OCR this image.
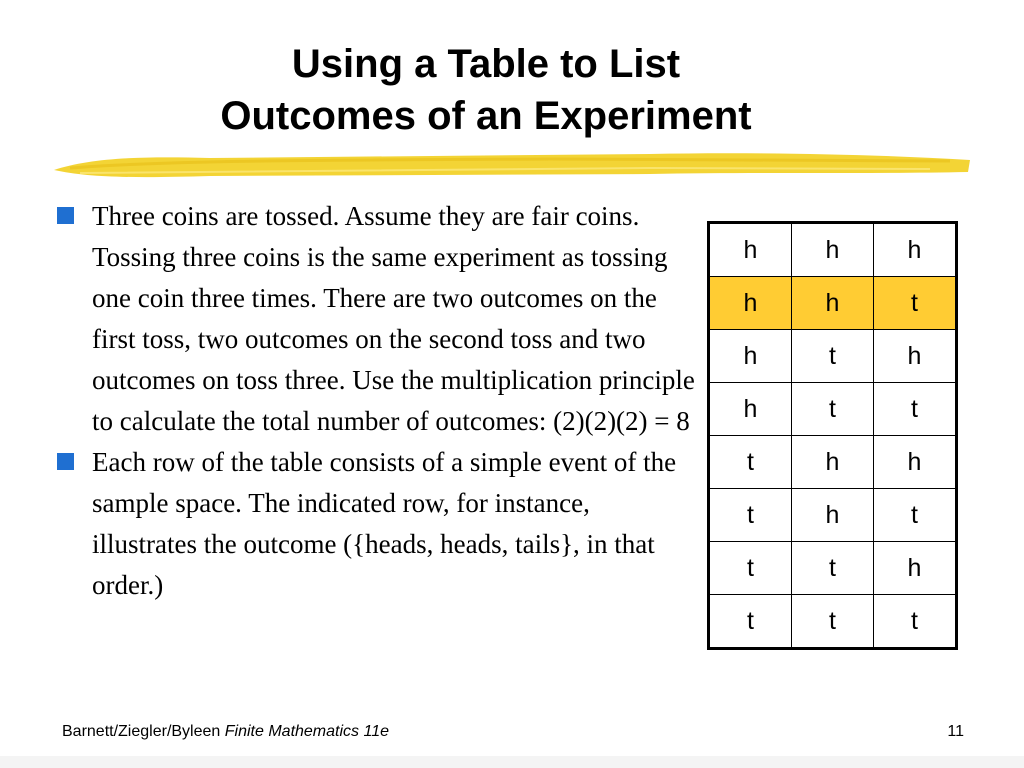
Using a Table to List
Outcomes of an Experiment
Three coins are tossed. Assume they are fair coins. Tossing three coins is the same experiment as tossing one coin three times. There are two outcomes on the first toss, two outcomes on the second toss and two outcomes on toss three. Use the multiplication principle to calculate the total number of outcomes: (2)(2)(2) = 8
Each row of the table consists of a simple event of the sample space. The indicated row, for instance, illustrates the outcome ({heads, heads, tails}, in that order.)
h	h	h
h	h	t
h	t	h
h	t	t
t	h	h
t	h	t
t	t	h
t	t	t
Barnett/Ziegler/Byleen Finite Mathematics 11e	11
